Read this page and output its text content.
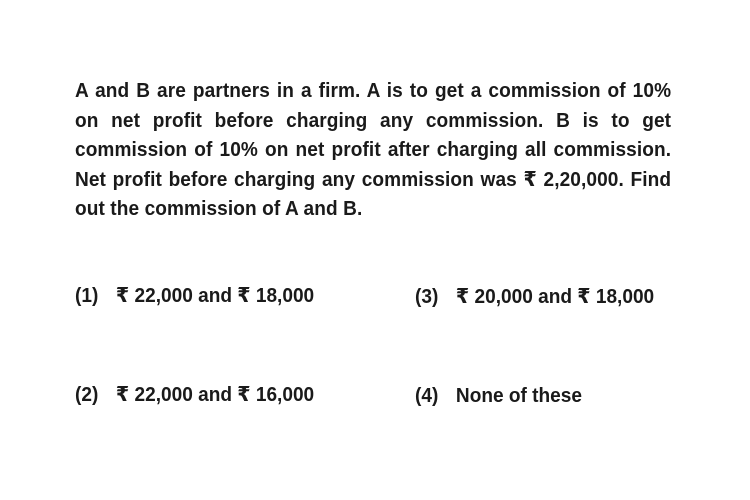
A and B are partners in a firm. A is to get a commission of 10% on net profit before charging any commission. B is to get commission of 10% on net profit after charging all commission. Net profit before charging any commission was ₹ 2,20,000. Find out the commission of A and B.
(1) ₹ 22,000 and ₹ 18,000	(3) ₹ 20,000 and ₹ 18,000
(2) ₹ 22,000 and ₹ 16,000	(4) None of these
